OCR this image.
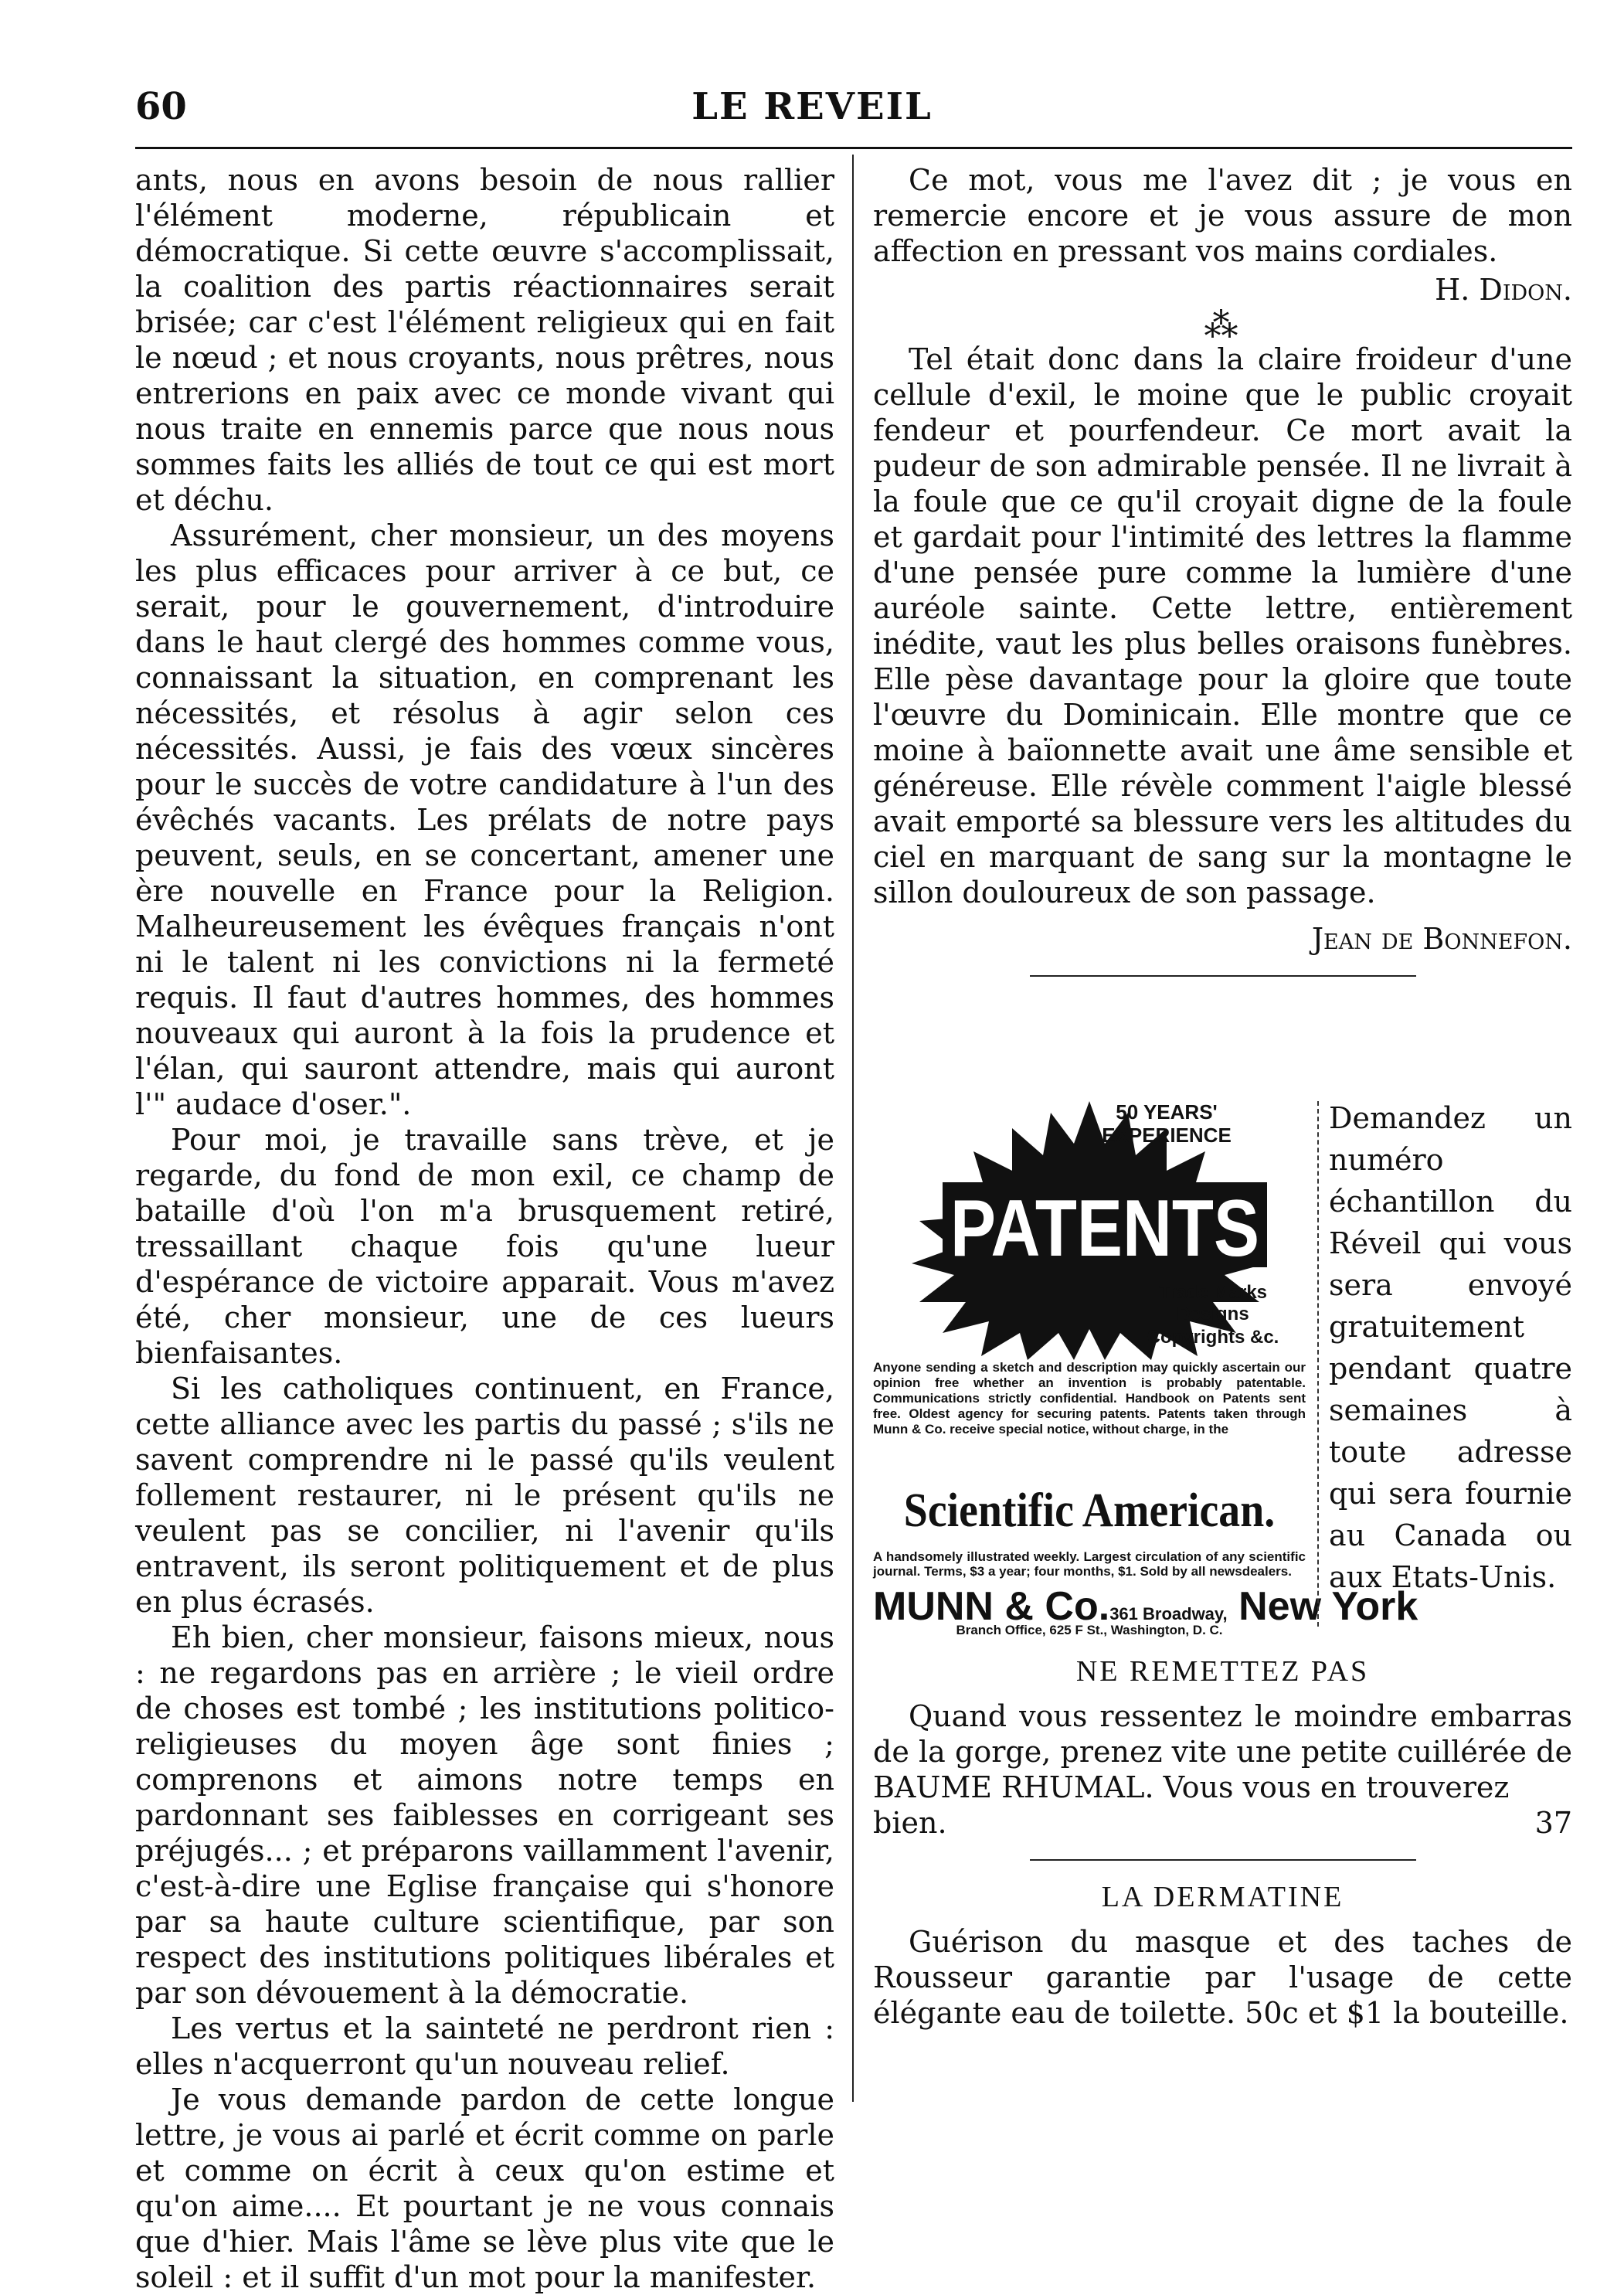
60	LE REVEIL

ants, nous en avons besoin de nous rallier l'élément moderne, républicain et démocratique. Si cette œuvre s'accomplissait, la coalition des partis réactionnaires serait brisée; car c'est l'élément religieux qui en fait le nœud ; et nous croyants, nous prêtres, nous entrerions en paix avec ce monde vivant qui nous traite en ennemis parce que nous nous sommes faits les alliés de tout ce qui est mort et déchu.

Assurément, cher monsieur, un des moyens les plus efficaces pour arriver à ce but, ce serait, pour le gouvernement, d'introduire dans le haut clergé des hommes comme vous, connaissant la situation, en comprenant les nécessités, et résolus à agir selon ces nécessités. Aussi, je fais des vœux sincères pour le succès de votre candidature à l'un des évêchés vacants. Les prélats de notre pays peuvent, seuls, en se concertant, amener une ère nouvelle en France pour la Religion. Malheureusement les évêques français n'ont ni le talent ni les convictions ni la fermeté requis. Il faut d'autres hommes, des hommes nouveaux qui auront à la fois la prudence et l'élan, qui sauront attendre, mais qui auront l'" audace d'oser.".

Pour moi, je travaille sans trève, et je regarde, du fond de mon exil, ce champ de bataille d'où l'on m'a brusquement retiré, tressaillant chaque fois qu'une lueur d'espérance de victoire apparait. Vous m'avez été, cher monsieur, une de ces lueurs bienfaisantes.

Si les catholiques continuent, en France, cette alliance avec les partis du passé ; s'ils ne savent comprendre ni le passé qu'ils veulent follement restaurer, ni le présent qu'ils ne veulent pas se concilier, ni l'avenir qu'ils entravent, ils seront politiquement et de plus en plus écrasés.

Eh bien, cher monsieur, faisons mieux, nous : ne regardons pas en arrière ; le vieil ordre de choses est tombé ; les institutions politico-religieuses du moyen âge sont finies ; comprenons et aimons notre temps en pardonnant ses faiblesses en corrigeant ses préjugés... ; et préparons vaillamment l'avenir, c'est-à-dire une Eglise française qui s'honore par sa haute culture scientifique, par son respect des institutions politiques libérales et par son dévouement à la démocratie.

Les vertus et la sainteté ne perdront rien : elles n'acquerront qu'un nouveau relief.

Je vous demande pardon de cette longue lettre, je vous ai parlé et écrit comme on parle et comme on écrit à ceux qu'on estime et qu'on aime.... Et pourtant je ne vous connais que d'hier. Mais l'âme se lève plus vite que le soleil : et il suffit d'un mot pour la manifester.

Ce mot, vous me l'avez dit ; je vous en remercie encore et je vous assure de mon affection en pressant vos mains cordiales.

H. Didon.
⁂

Tel était donc dans la claire froideur d'une cellule d'exil, le moine que le public croyait fendeur et pourfendeur. Ce mort avait la pudeur de son admirable pensée. Il ne livrait à la foule que ce qu'il croyait digne de la foule et gardait pour l'intimité des lettres la flamme d'une pensée pure comme la lumière d'une auréole sainte. Cette lettre, entièrement inédite, vaut les plus belles oraisons funèbres. Elle pèse davantage pour la gloire que toute l'œuvre du Dominicain. Elle montre que ce moine à baïonnette avait une âme sensible et généreuse. Elle révèle comment l'aigle blessé avait emporté sa blessure vers les altitudes du ciel en marquant de sang sur la montagne le sillon douloureux de son passage.

Jean de Bonnefon.
50 YEARS'
EXPERIENCE
PATENTS
Trade Marks
Designs
Copyrights &c.
Anyone sending a sketch and description may quickly ascertain our opinion free whether an invention is probably patentable. Communications strictly confidential. Handbook on Patents sent free. Oldest agency for securing patents. Patents taken through Munn & Co. receive special notice, without charge, in the
Scientific American.
A handsomely illustrated weekly. Largest circulation of any scientific journal. Terms, $3 a year; four months, $1. Sold by all newsdealers.
MUNN & Co.361 Broadway, New York
Branch Office, 625 F St., Washington, D. C.
Demandez un numéro échantillon du Réveil qui vous sera envoyé gratuitement pendant quatre semaines à toute adresse qui sera fournie au Canada ou aux Etats-Unis.
NE REMETTEZ PAS

Quand vous ressentez le moindre embarras de la gorge, prenez vite une petite cuillérée de BAUME RHUMAL. Vous vous en trouverez

bien.	37
LA DERMATINE

Guérison du masque et des taches de Rousseur garantie par l'usage de cette élégante eau de toilette. 50c et $1 la bouteille.
